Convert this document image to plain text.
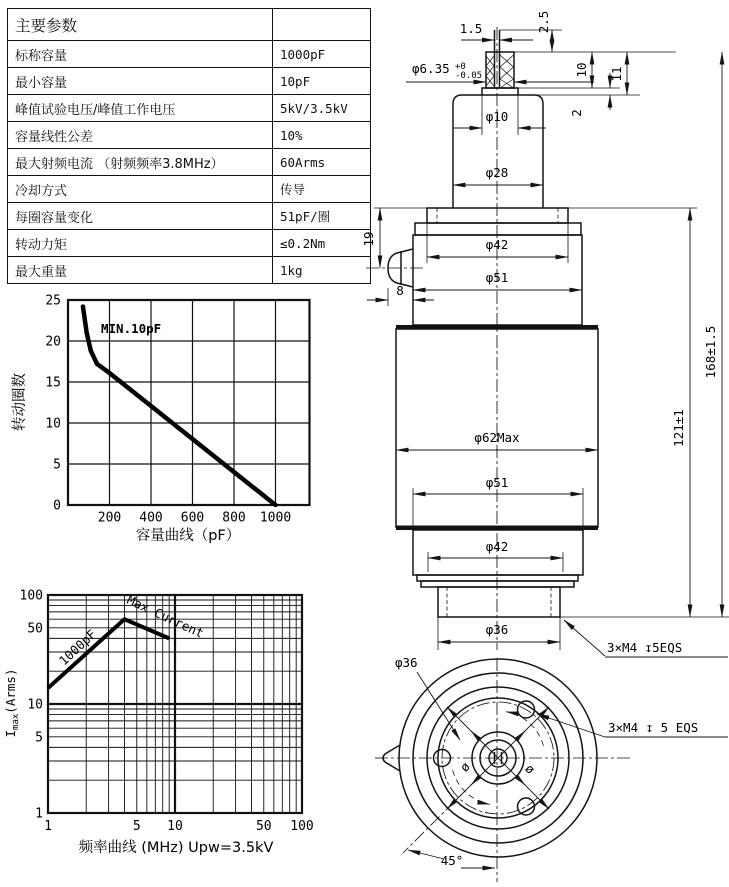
主要参数	
标称容量	1000pF
最小容量	10pF
峰值试验电压/峰值工作电压	5kV/3.5kV
容量线性公差	10%
最大射频电流 （射频频率3.8MHz）	60Arms
冷却方式	传导
每圈容量变化	51pF/圈
转动力矩	≤0.2Nm
最大重量	1kg
MIN.10pF
转动圈数
容量曲线（pF）
200 400 600 800 1000
0
5
10
15
20
25
1000pF
Max Current
$I_{max}(Arms)$
频率曲线 (MHz) Upw=3.5kV
1	5 10	50 100
100
50
10
5
1
1.5	2.5
φ6.35 +0 -0.05	10 11
2
φ10
φ28
φ42
φ51
19
8
φ62Max
φ51
φ42
φ36
121±1
168±1.5
3×M4 ↧5EQS
ø	ø
45°
φ36
3×M4 ↧ 5 EQS
